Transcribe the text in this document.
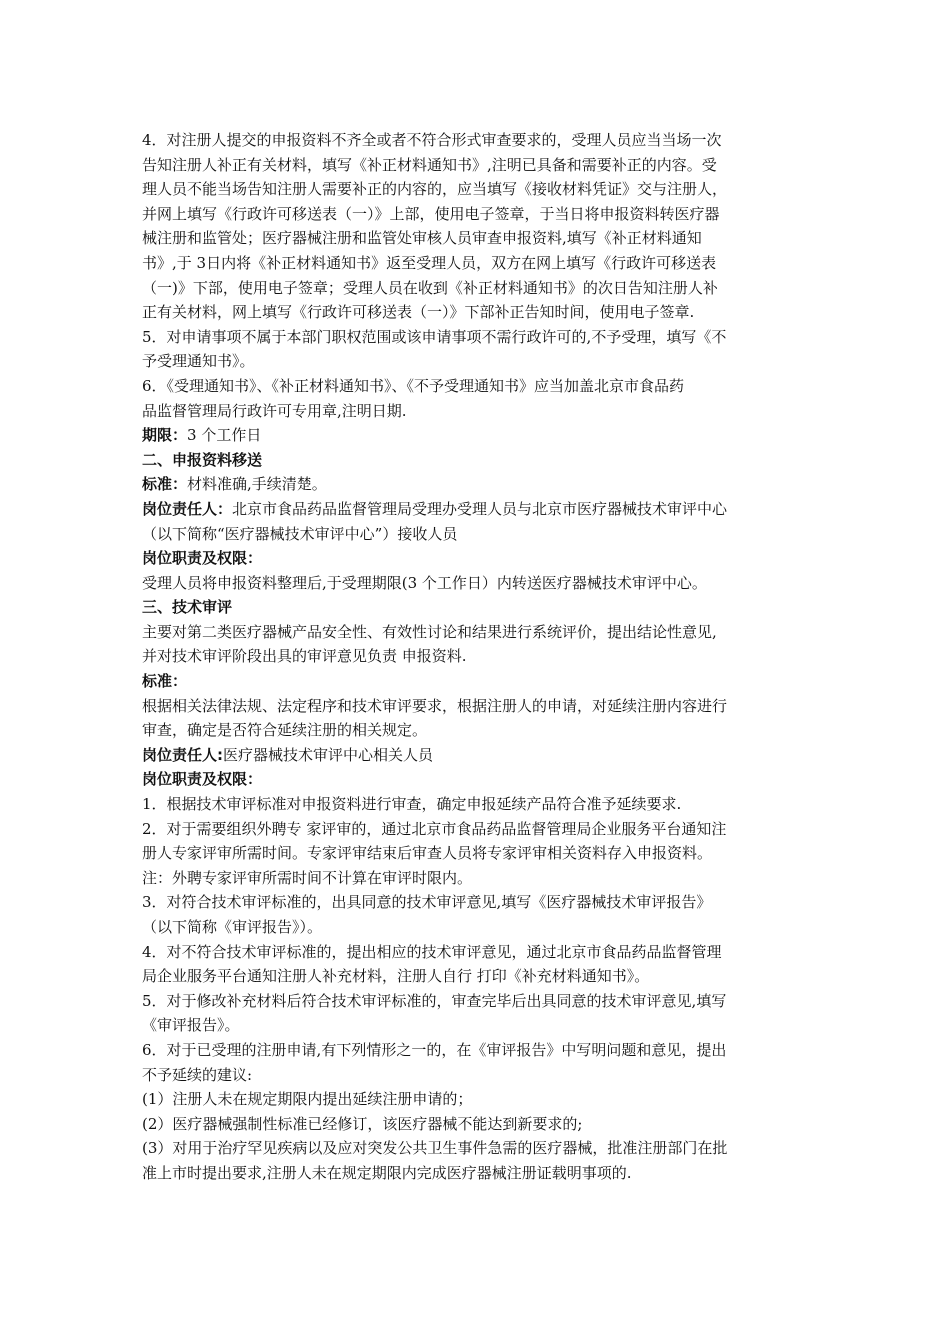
4．对注册人提交的申报资料不齐全或者不符合形式审查要求的，受理人员应当当场一次
告知注册人补正有关材料，填写《补正材料通知书》,注明已具备和需要补正的内容。受
理人员不能当场告知注册人需要补正的内容的，应当填写《接收材料凭证》交与注册人，
并网上填写《行政许可移送表（一）》上部，使用电子签章，于当日将申报资料转医疗器
械注册和监管处；医疗器械注册和监管处审核人员审查申报资料,填写《补正材料通知
书》,于 3日内将《补正材料通知书》返至受理人员，双方在网上填写《行政许可移送表
（一)》下部，使用电子签章；受理人员在收到《补正材料通知书》的次日告知注册人补
正有关材料，网上填写《行政许可移送表（一）》下部补正告知时间，使用电子签章.
5．对申请事项不属于本部门职权范围或该申请事项不需行政许可的,不予受理，填写《不
予受理通知书》。
6．《受理通知书》、《补正材料通知书》、《不予受理通知书》应当加盖北京市食品药
品监督管理局行政许可专用章,注明日期.
期限：3 个工作日
二、申报资料移送
标准：材料准确,手续清楚。
岗位责任人：北京市食品药品监督管理局受理办受理人员与北京市医疗器械技术审评中心
（以下简称“医疗器械技术审评中心”）接收人员
岗位职责及权限：
受理人员将申报资料整理后,于受理期限(3 个工作日）内转送医疗器械技术审评中心。
三、技术审评
主要对第二类医疗器械产品安全性、有效性讨论和结果进行系统评价，提出结论性意见,
并对技术审评阶段出具的审评意见负责 申报资料.
标准：
根据相关法律法规、法定程序和技术审评要求，根据注册人的申请，对延续注册内容进行
审查，确定是否符合延续注册的相关规定。
岗位责任人:医疗器械技术审评中心相关人员
岗位职责及权限：
1．根据技术审评标准对申报资料进行审查，确定申报延续产品符合准予延续要求.
2．对于需要组织外聘专 家评审的，通过北京市食品药品监督管理局企业服务平台通知注
册人专家评审所需时间。专家评审结束后审查人员将专家评审相关资料存入申报资料。
注：外聘专家评审所需时间不计算在审评时限内。
3．对符合技术审评标准的，出具同意的技术审评意见,填写《医疗器械技术审评报告》
（以下简称《审评报告》）。
4．对不符合技术审评标准的，提出相应的技术审评意见，通过北京市食品药品监督管理
局企业服务平台通知注册人补充材料，注册人自行 打印《补充材料通知书》。
5．对于修改补充材料后符合技术审评标准的，审查完毕后出具同意的技术审评意见,填写
《审评报告》。
6．对于已受理的注册申请,有下列情形之一的，在《审评报告》中写明问题和意见，提出
不予延续的建议:
(1）注册人未在规定期限内提出延续注册申请的；
(2）医疗器械强制性标准已经修订，该医疗器械不能达到新要求的;
(3）对用于治疗罕见疾病以及应对突发公共卫生事件急需的医疗器械，批准注册部门在批
准上市时提出要求,注册人未在规定期限内完成医疗器械注册证载明事项的.
